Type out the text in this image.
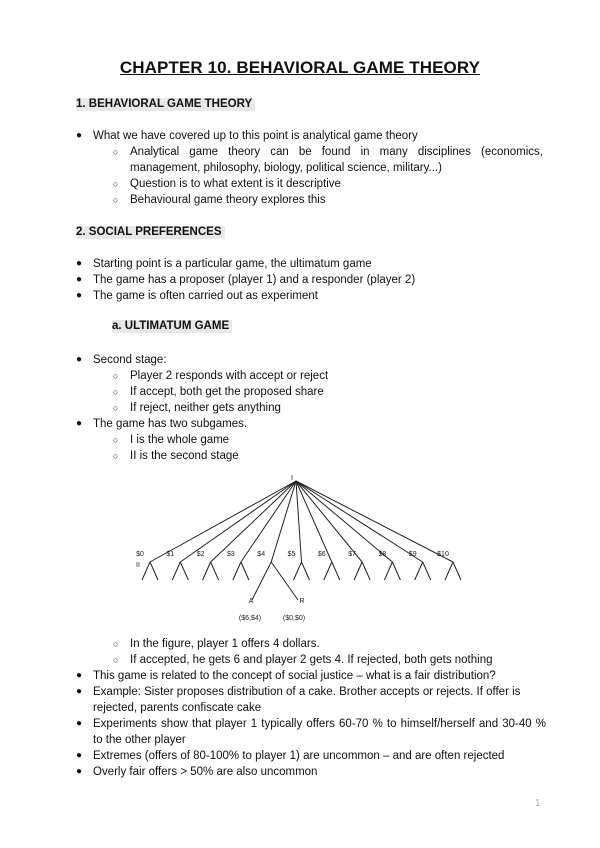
CHAPTER 10. BEHAVIORAL GAME THEORY
1. BEHAVIORAL GAME THEORY
● What we have covered up to this point is analytical game theory
○ Analytical game theory can be found in many disciplines (economics, management, philosophy, biology, political science, military...)
○ Question is to what extent is it descriptive
○ Behavioural game theory explores this
2. SOCIAL PREFERENCES
● Starting point is a particular game, the ultimatum game
● The game has a proposer (player 1) and a responder (player 2)
● The game is often carried out as experiment
a. ULTIMATUM GAME
● Second stage:
○ Player 2 responds with accept or reject
○ If accept, both get the proposed share
○ If reject, neither gets anything
● The game has two subgames.
○ I is the whole game
○ II is the second stage
I
II
$0	$1	$2	$3	$4
A	R
($6,$4)	($0,$0)
$5	$6	$7	$8	$9	$10
○ In the figure, player 1 offers 4 dollars.
○ If accepted, he gets 6 and player 2 gets 4. If rejected, both gets nothing
● This game is related to the concept of social justice – what is a fair distribution?
● Example: Sister proposes distribution of a cake. Brother accepts or rejects. If offer is rejected, parents confiscate cake
● Experiments show that player 1 typically offers 60-70 % to himself/herself and 30-40 % to the other player
● Extremes (offers of 80-100% to player 1) are uncommon – and are often rejected
● Overly fair offers > 50% are also uncommon
1
